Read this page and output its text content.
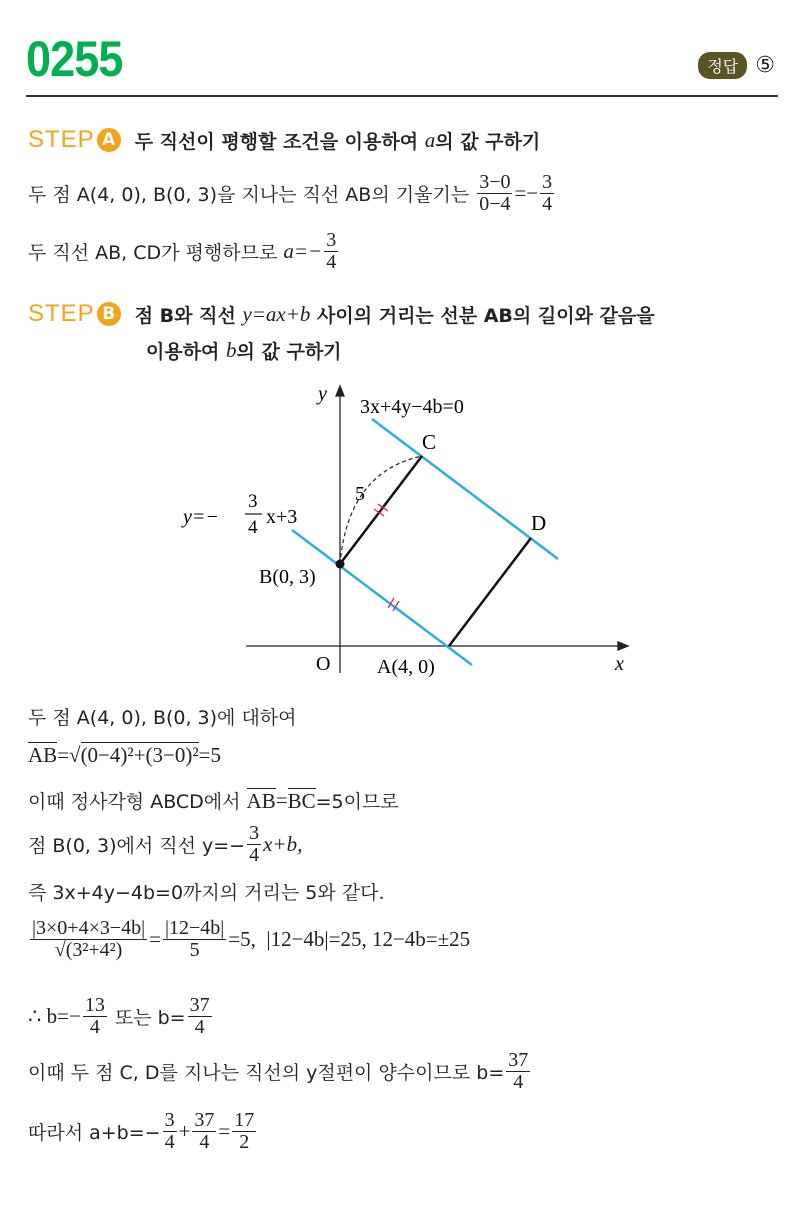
0255	정답 ⑤
STEP A 두 직선이 평행할 조건을 이용하여 a 의 값 구하기
두 점 A(4, 0), B(0, 3)을 지나는 직선 AB의 기울기는 $\frac{3-0}{0-4} =- \frac{3}{4}$
두 직선 AB, CD가 평행하므로 $a=- \frac{3}{4}$
STEP B 점 B와 직선 y=ax+b 사이의 거리는 선분 AB의 길이와 같음을
이용하여 b 의 값 구하기
y
x
O
3x+4y−4b=0
C
D
5
B(0, 3)
A(4, 0)
y=−
3
4 x+3
두 점 A(4, 0), B(0, 3)에 대하여
AB =√ (0−4)²+(3−0)² =5
이때 정사각형 ABCD에서 AB = BC =5이므로
점 B(0, 3)에서 직선 $y=- \frac{3}{4} x+b$,
즉 3x+4y−4b=0까지의 거리는 5와 같다.
$\frac{|3\times 0+4\times 3-4b|}{\text{√(3²+4²)}} = \frac{|12-4b|}{5} =5$,  |12−4b|=25, 12−4b=±25
∴ $b=- \frac{13}{4}$ 또는 $b= \frac{37}{4}$
이때 두 점 C, D를 지나는 직선의 y절편이 양수이므로 $b= \frac{37}{4}$
따라서 $a+b=- \frac{3}{4} + \frac{37}{4} = \frac{17}{2}$
